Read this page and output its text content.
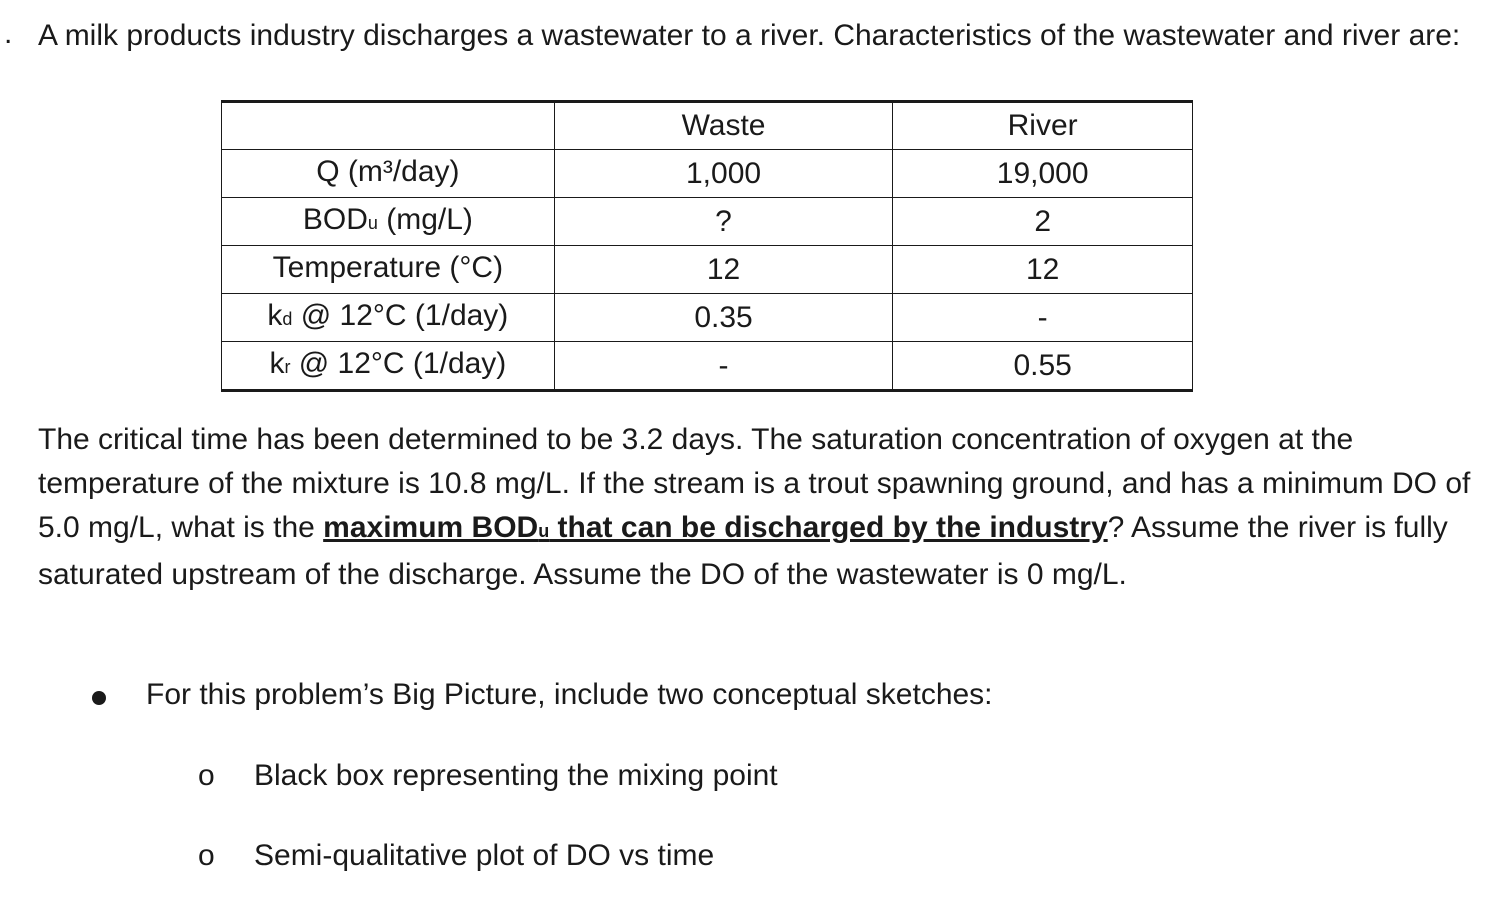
. A milk products industry discharges a wastewater to a river. Characteristics of the wastewater and river are:
	Waste	River
Q (m³/day)	1,000	19,000
BODu (mg/L)	?	2
Temperature (°C)	12	12
kd @ 12°C (1/day)	0.35	-
kr @ 12°C (1/day)	-	0.55
The critical time has been determined to be 3.2 days. The saturation concentration of oxygen at the temperature of the mixture is 10.8 mg/L. If the stream is a trout spawning ground, and has a minimum DO of 5.0 mg/L, what is the maximum BODu that can be discharged by the industry? Assume the river is fully saturated upstream of the discharge. Assume the DO of the wastewater is 0 mg/L.
For this problem’s Big Picture, include two conceptual sketches:
o Black box representing the mixing point
o Semi-qualitative plot of DO vs time
